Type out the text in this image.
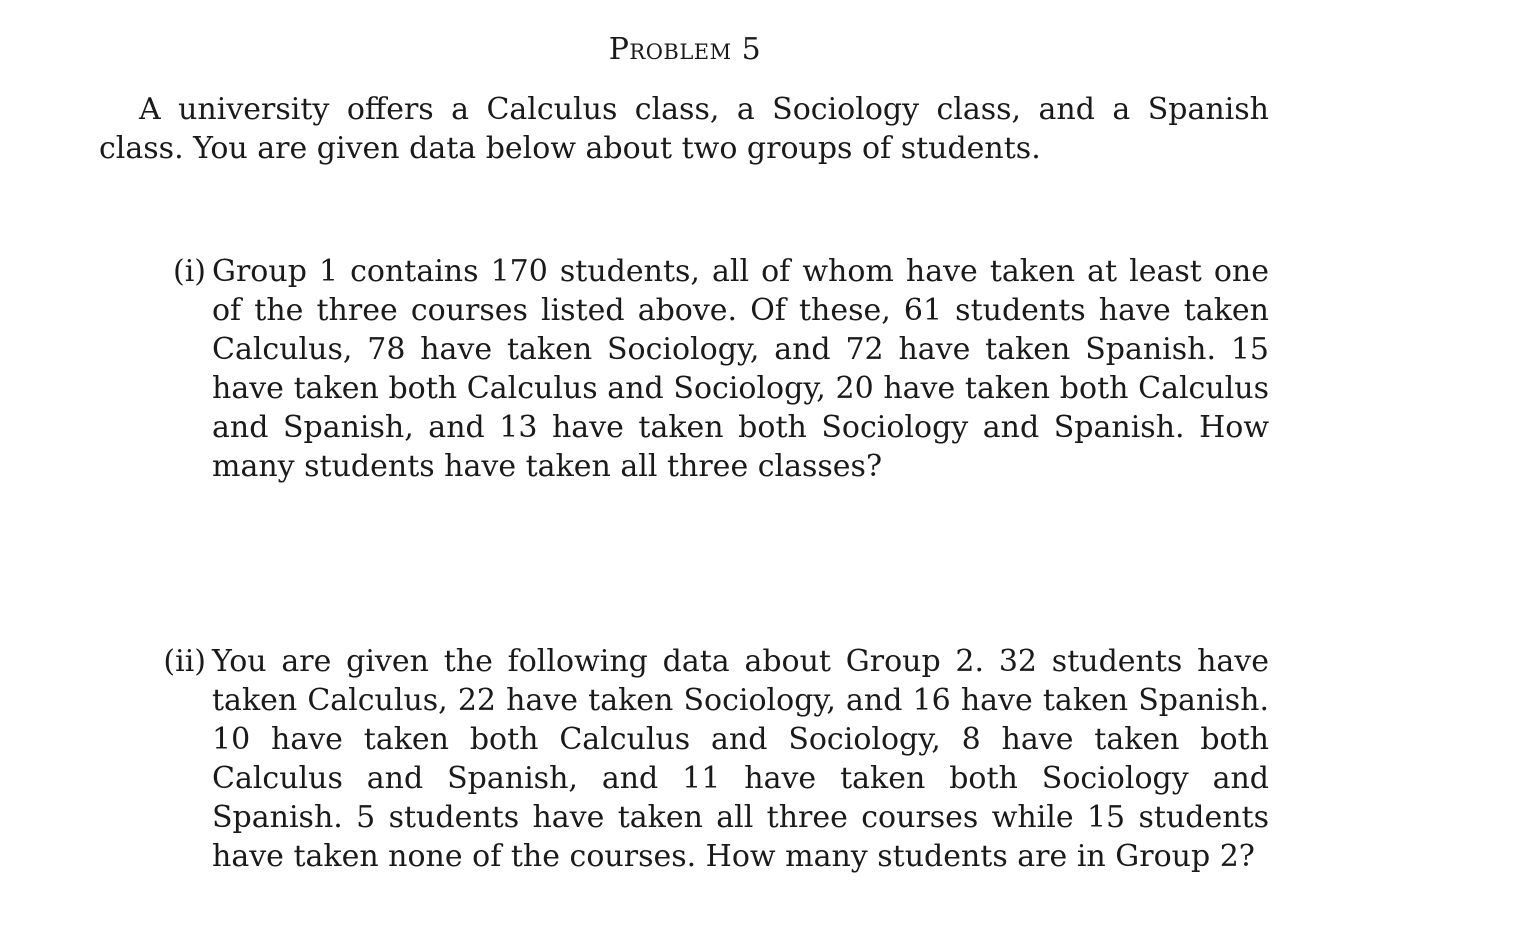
Problem 5

A university offers a Calculus class, a Sociology class, and a Spanish class. You are given data below about two groups of students.

(i) Group 1 contains 170 students, all of whom have taken at least one of the three courses listed above. Of these, 61 students have taken Calculus, 78 have taken Sociology, and 72 have taken Spanish. 15 have taken both Calculus and Sociology, 20 have taken both Calculus and Spanish, and 13 have taken both Sociology and Spanish. How many students have taken all three classes?

(ii) You are given the following data about Group 2. 32 students have taken Calculus, 22 have taken Sociology, and 16 have taken Spanish. 10 have taken both Calculus and Sociology, 8 have taken both Calculus and Spanish, and 11 have taken both Sociology and Spanish. 5 students have taken all three courses while 15 students have taken none of the courses. How many students are in Group 2?
